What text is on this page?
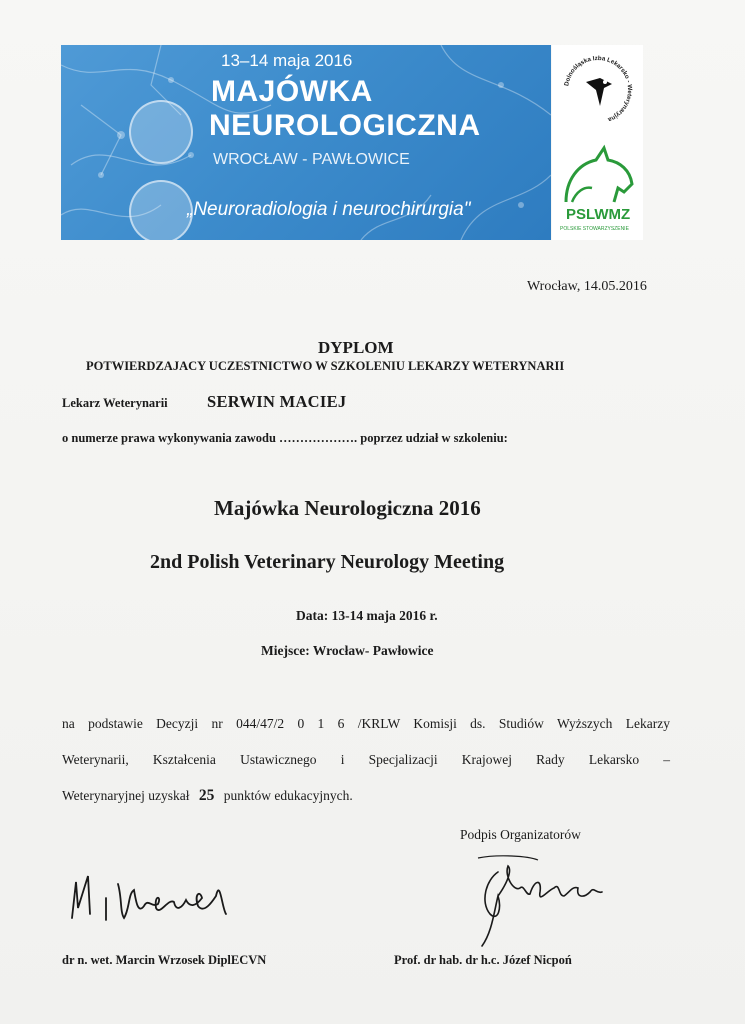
13–14 maja 2016
MAJÓWKA
NEUROLOGICZNA
WROCŁAW - PAWŁOWICE
„Neuroradiologia i neurochirurgia"
Dolnośląska Izba Lekarsko - Weterynaryjna
PSLWMZ
POLSKIE STOWARZYSZENIE
Wrocław, 14.05.2016
DYPLOM
POTWIERDZAJACY UCZESTNICTWO W SZKOLENIU LEKARZY WETERYNARII
Lekarz Weterynarii SERWIN MACIEJ
o numerze prawa wykonywania zawodu ………………. poprzez udział w szkoleniu:
Majówka Neurologiczna 2016
2nd Polish Veterinary Neurology Meeting
Data: 13-14 maja 2016 r.
Miejsce: Wrocław- Pawłowice
na podstawie Decyzji nr 044/47/2 0 1 6 /KRLW Komisji ds. Studiów Wyższych Lekarzy
Weterynarii, Kształcenia Ustawicznego i Specjalizacji Krajowej Rady Lekarsko –
Weterynaryjnej uzyskał 25 punktów edukacyjnych.
Podpis Organizatorów
dr n. wet. Marcin Wrzosek DiplECVN	Prof. dr hab. dr h.c. Józef Nicpoń
